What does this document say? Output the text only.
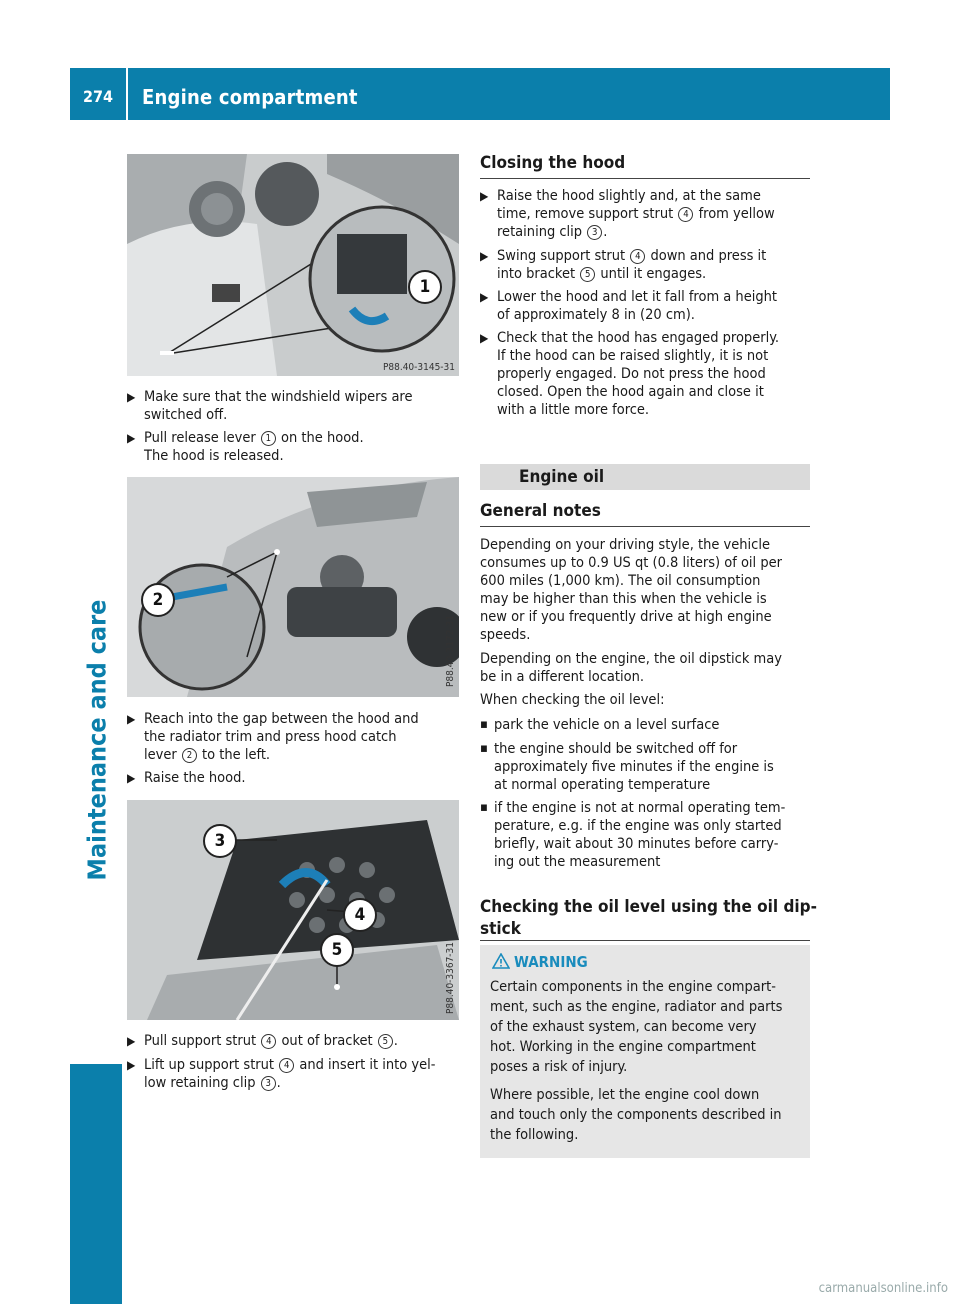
274	Engine compartment
Maintenance and care
1
P88.40-3145-31
▶ Make sure that the windshield wipers are
switched off.
▶ Pull release lever 1 on the hood.
The hood is released.
2
P88.40-3172-31
▶ Reach into the gap between the hood and
the radiator trim and press hood catch
lever 2 to the left.
▶ Raise the hood.
3
4
5	P88.40-3367-31
▶ Pull support strut 4 out of bracket 5 .
▶ Lift up support strut 4 and insert it into yel-
low retaining clip 3 .
Closing the hood
▶ Raise the hood slightly and, at the same
time, remove support strut 4 from yellow
retaining clip 3 .
▶ Swing support strut 4 down and press it
into bracket 5 until it engages.
▶ Lower the hood and let it fall from a height
of approximately 8 in (20 cm).
▶ Check that the hood has engaged properly.
If the hood can be raised slightly, it is not
properly engaged. Do not press the hood
closed. Open the hood again and close it
with a little more force.
Engine oil
General notes
Depending on your driving style, the vehicle
consumes up to 0.9 US qt (0.8 liters) of oil per
600 miles (1,000 km). The oil consumption
may be higher than this when the vehicle is
new or if you frequently drive at high engine
speeds.
Depending on the engine, the oil dipstick may
be in a different location.
When checking the oil level:
▪ park the vehicle on a level surface
▪ the engine should be switched off for
approximately five minutes if the engine is
at normal operating temperature
▪ if the engine is not at normal operating tem-
perature, e.g. if the engine was only started
briefly, wait about 30 minutes before carry-
ing out the measurement
Checking the oil level using the oil dip-
stick
WARNING
Certain components in the engine compart-
ment, such as the engine, radiator and parts
of the exhaust system, can become very
hot. Working in the engine compartment
poses a risk of injury.
Where possible, let the engine cool down
and touch only the components described in
the following.
carmanualsonline.info
